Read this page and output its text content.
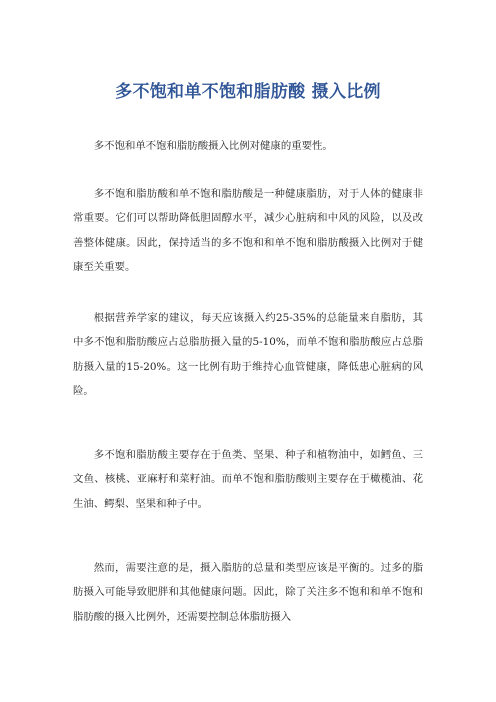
多不饱和单不饱和脂肪酸 摄入比例

多不饱和单不饱和脂肪酸摄入比例对健康的重要性。

多不饱和脂肪酸和单不饱和脂肪酸是一种健康脂肪，对于人体的健康非常重要。它们可以帮助降低胆固醇水平，减少心脏病和中风的风险，以及改善整体健康。因此，保持适当的多不饱和和单不饱和脂肪酸摄入比例对于健康至关重要。

根据营养学家的建议，每天应该摄入约25-35%的总能量来自脂肪，其中多不饱和脂肪酸应占总脂肪摄入量的5-10%，而单不饱和脂肪酸应占总脂肪摄入量的15-20%。这一比例有助于维持心血管健康，降低患心脏病的风险。

多不饱和脂肪酸主要存在于鱼类、坚果、种子和植物油中，如鳕鱼、三文鱼、核桃、亚麻籽和菜籽油。而单不饱和脂肪酸则主要存在于橄榄油、花生油、鳄梨、坚果和种子中。

然而，需要注意的是，摄入脂肪的总量和类型应该是平衡的。过多的脂肪摄入可能导致肥胖和其他健康问题。因此，除了关注多不饱和和单不饱和脂肪酸的摄入比例外，还需要控制总体脂肪摄入
